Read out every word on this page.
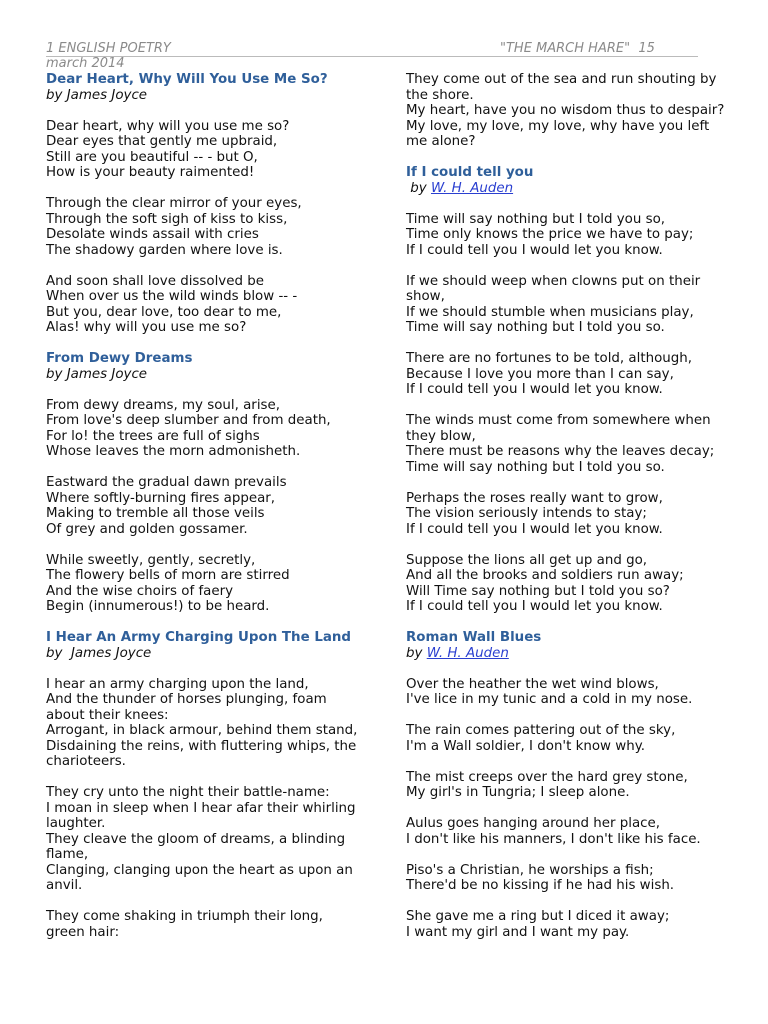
1 ENGLISH POETRY	"THE MARCH HARE" 15
march 2014

Dear Heart, Why Will You Use Me So?

by James Joyce

Dear heart, why will you use me so?
Dear eyes that gently me upbraid,
Still are you beautiful -- - but O,
How is your beauty raimented!
Through the clear mirror of your eyes,
Through the soft sigh of kiss to kiss,
Desolate winds assail with cries
The shadowy garden where love is.
And soon shall love dissolved be
When over us the wild winds blow -- -
But you, dear love, too dear to me,
Alas! why will you use me so?

From Dewy Dreams

by James Joyce

From dewy dreams, my soul, arise,
From love's deep slumber and from death,
For lo! the trees are full of sighs
Whose leaves the morn admonisheth.
Eastward the gradual dawn prevails
Where softly-burning fires appear,
Making to tremble all those veils
Of grey and golden gossamer.
While sweetly, gently, secretly,
The flowery bells of morn are stirred
And the wise choirs of faery
Begin (innumerous!) to be heard.

I Hear An Army Charging Upon The Land

by James Joyce

I hear an army charging upon the land,
And the thunder of horses plunging, foam about their knees:
Arrogant, in black armour, behind them stand,
Disdaining the reins, with fluttering whips, the charioteers.
They cry unto the night their battle-name:
I moan in sleep when I hear afar their whirling laughter.
They cleave the gloom of dreams, a blinding flame,
Clanging, clanging upon the heart as upon an anvil.
They come shaking in triumph their long, green hair:
They come out of the sea and run shouting by the shore.
My heart, have you no wisdom thus to despair?
My love, my love, my love, why have you left me alone?

If I could tell you

by W. H. Auden

Time will say nothing but I told you so,
Time only knows the price we have to pay;
If I could tell you I would let you know.
If we should weep when clowns put on their show,
If we should stumble when musicians play,
Time will say nothing but I told you so.
There are no fortunes to be told, although,
Because I love you more than I can say,
If I could tell you I would let you know.
The winds must come from somewhere when they blow,
There must be reasons why the leaves decay;
Time will say nothing but I told you so.
Perhaps the roses really want to grow,
The vision seriously intends to stay;
If I could tell you I would let you know.
Suppose the lions all get up and go,
And all the brooks and soldiers run away;
Will Time say nothing but I told you so?
If I could tell you I would let you know.

Roman Wall Blues

by W. H. Auden

Over the heather the wet wind blows,
I've lice in my tunic and a cold in my nose.
The rain comes pattering out of the sky,
I'm a Wall soldier, I don't know why.
The mist creeps over the hard grey stone,
My girl's in Tungria; I sleep alone.
Aulus goes hanging around her place,
I don't like his manners, I don't like his face.
Piso's a Christian, he worships a fish;
There'd be no kissing if he had his wish.
She gave me a ring but I diced it away;
I want my girl and I want my pay.
